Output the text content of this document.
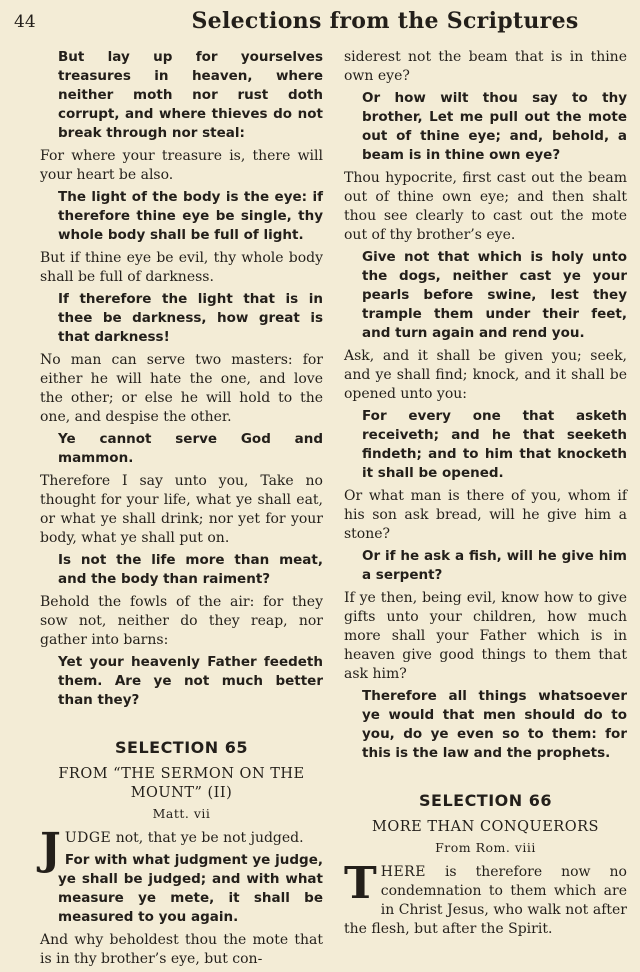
44	Selections from the Scriptures

But lay up for yourselves treasures in heaven, where neither moth nor rust doth corrupt, and where thieves do not break through nor steal:

For where your treasure is, there will your heart be also.

The light of the body is the eye: if therefore thine eye be single, thy whole body shall be full of light.

But if thine eye be evil, thy whole body shall be full of darkness.

If therefore the light that is in thee be darkness, how great is that darkness!

No man can serve two masters: for either he will hate the one, and love the other; or else he will hold to the one, and despise the other.

Ye cannot serve God and mammon.

Therefore I say unto you, Take no thought for your life, what ye shall eat, or what ye shall drink; nor yet for your body, what ye shall put on.

Is not the life more than meat, and the body than raiment?

Behold the fowls of the air: for they sow not, neither do they reap, nor gather into barns:

Yet your heavenly Father feedeth them. Are ye not much better than they?

SELECTION 65
FROM “THE SERMON ON THE MOUNT” (II)
Matt. vii

JUDGE not, that ye be not judged.

For with what judgment ye judge, ye shall be judged; and with what measure ye mete, it shall be measured to you again.

And why beholdest thou the mote that is in thy brother’s eye, but con-

siderest not the beam that is in thine own eye?

Or how wilt thou say to thy brother, Let me pull out the mote out of thine eye; and, behold, a beam is in thine own eye?

Thou hypocrite, first cast out the beam out of thine own eye; and then shalt thou see clearly to cast out the mote out of thy brother’s eye.

Give not that which is holy unto the dogs, neither cast ye your pearls before swine, lest they trample them under their feet, and turn again and rend you.

Ask, and it shall be given you; seek, and ye shall find; knock, and it shall be opened unto you:

For every one that asketh receiveth; and he that seeketh findeth; and to him that knocketh it shall be opened.

Or what man is there of you, whom if his son ask bread, will he give him a stone?

Or if he ask a fish, will he give him a serpent?

If ye then, being evil, know how to give gifts unto your children, how much more shall your Father which is in heaven give good things to them that ask him?

Therefore all things whatsoever ye would that men should do to you, do ye even so to them: for this is the law and the prophets.

SELECTION 66
MORE THAN CONQUERORS
From Rom. viii

THERE is therefore now no condemnation to them which are in Christ Jesus, who walk not after the flesh, but after the Spirit.
